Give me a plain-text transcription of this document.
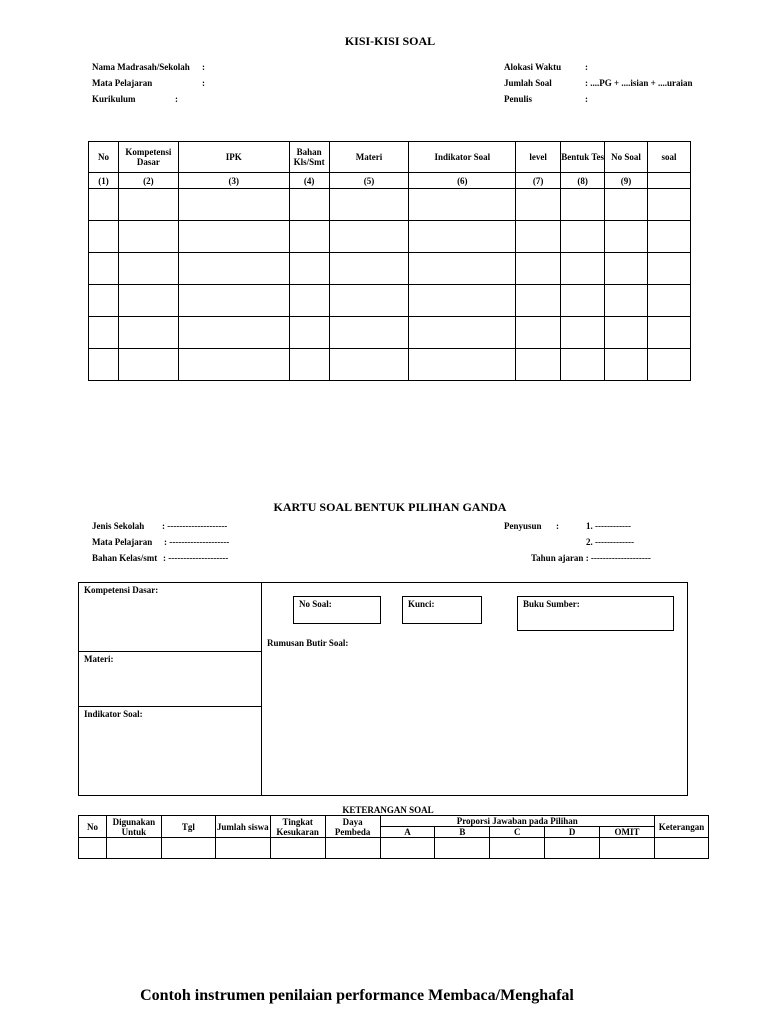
KISI-KISI SOAL
Nama Madrasah/Sekolah :
Mata Pelajaran	:
Kurikulum	:
Alokasi Waktu	:
Jumlah Soal	: ....PG + ....isian + ....uraian
Penulis	:
No	Kompetensi Dasar	IPK	Bahan Kls/Smt	Materi	Indikator Soal	level	Bentuk Tes	No Soal	soal
(1)	(2)	(3)	(4)	(5)	(6)	(7)	(8)	(9)	

KARTU SOAL BENTUK PILIHAN GANDA
Jenis Sekolah : --------------------
Mata Pelajaran : --------------------
Bahan Kelas/smt : --------------------
Penyusun :	1. ------------
2. -------------
Tahun ajaran : --------------------
Kompetensi Dasar:
Materi:
Indikator Soal:
No Soal:	Kunci:	Buku Sumber:
Rumusan Butir Soal:
KETERANGAN SOAL
No	Digunakan Untuk	Tgl	Jumlah siswa	Tingkat Kesukaran	Daya Pembeda	Proporsi Jawaban pada Pilihan					Keterangan
						A	B	C	D	OMIT	

Contoh instrumen penilaian performance Membaca/Menghafal
